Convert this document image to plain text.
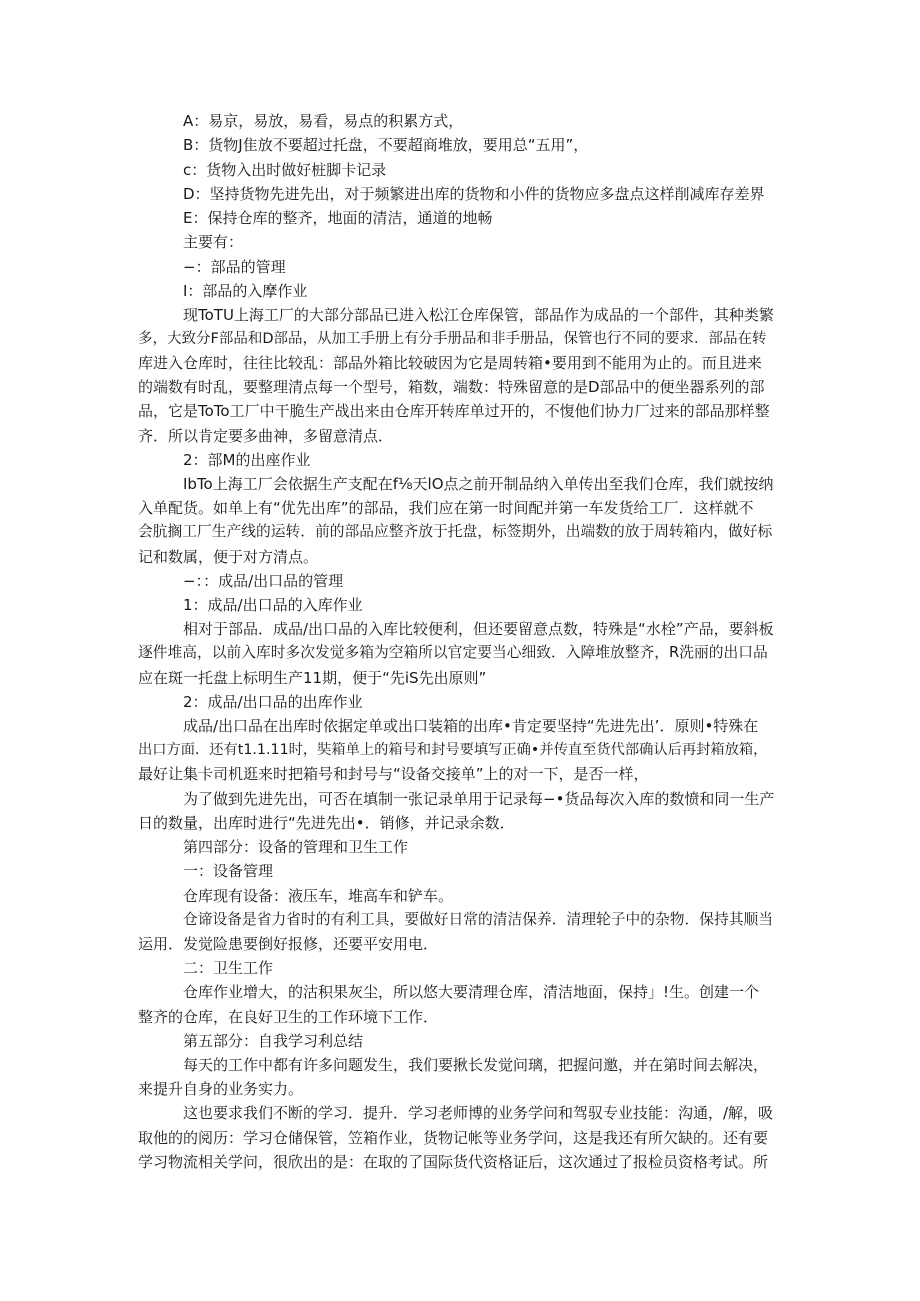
A：易京，易放，易看，易点的积累方式，

B：货物J隹放不要超过托盘，不要超商堆放，要用总“五用”，

c：货物入出时做好桩脚卡记录

D：坚持货物先进先出，对于频繁进出库的货物和小件的货物应多盘点这样削减库存差界

E：保持仓库的整齐，地面的清洁，通道的地畅

主要有：

−：部品的管理

I：部品的入摩作业

现ToTU上海工厂的大部分部品已进入松江仓库保管，部品作为成品的一个部件，其种类繁

多，大致分F部品和D部品，从加工手册上有分手册品和非手册品，保管也行不同的要求．部品在转

库进入仓库时，往往比较乱：部品外箱比较破因为它是周转箱•要用到不能用为止的。而且进来

的端数有时乱，要整理清点每一个型号，箱数，端数：特殊留意的是D部品中的便坐器系列的部

品，它是ToTo工厂中干脆生产战出来由仓库开转库单过开的，不愎他们协力厂过来的部品那样整

齐．所以肯定要多曲神，多留意清点．

2：部M的出座作业

IbTo上海工厂会依据生产支配在f⅛天lO点之前开制品纳入单传出至我们仓库，我们就按纳

入单配货。如单上有“优先出库”的部品，我们应在第一时间配并第一车发货给工厂．这样就不

会肮搁工厂生产线的运转．前的部品应整齐放于托盘，标签期外，出端数的放于周转箱内，做好标

记和数属，便于对方清点。

−：：成品/出口品的管理

1：成品/出口品的入库作业

相对于部品．成品/出口品的入库比较便利，但还要留意点数，特殊是“水栓”产品，要斜板

逐件堆高，以前入库时多次发觉多箱为空箱所以官定要当心细致．入障堆放整齐，R洗丽的出口品

应在斑一托盘上标明生产11期，便于“先iS先出原则”

2：成品/出口品的出库作业

成品/出口品在出库时依据定单或出口装箱的出库•肯定要坚持“先进先出’．原则•特殊在

出口方面．还有t1.1.11时，奘箱单上的箱号和封号要填写正确•并传直至货代部确认后再封箱放箱，

最好让集卡司机逛来时把箱号和封号与“设备交接单”上的对一下，是否一样，

为了做到先进先出，可否在填制一张记录单用于记录每−•货品每次入库的数愤和同一生产

日的数量，出库时进行“先进先出•．销修，并记录余数．

第四部分：设备的管理和卫生工作

一：设备管理

仓库现有设备：液压车，堆高车和铲车。

仓谛设备是省力省时的有利工具，要做好日常的清洁保养．清理轮子中的杂物．保持其顺当

运用．发觉险患要倒好报修，还要平安用电．

二：卫生工作

仓库作业增大，的沽积果灰尘，所以悠大要清理仓库，清洁地面，保持」!生。创建一个

整齐的仓库，在良好卫生的工作环境下工作．

第五部分：自我学习利总结

每天的工作中都有许多问题发生，我们要揪长发觉问璃，把握问邀，并在第时间去解决，

来提升自身的业务实力。

这也要求我们不断的学习．提升．学习老师博的业务学问和驾驭专业技能：沟通，/解，吸

取他的的阅历：学习仓储保管，笠箱作业，货物记帐等业务学问，这是我还有所欠缺的。还有要

学习物流相关学问，很欣出的是：在取的了国际货代资格证后，这次通过了报检员资格考试。所
